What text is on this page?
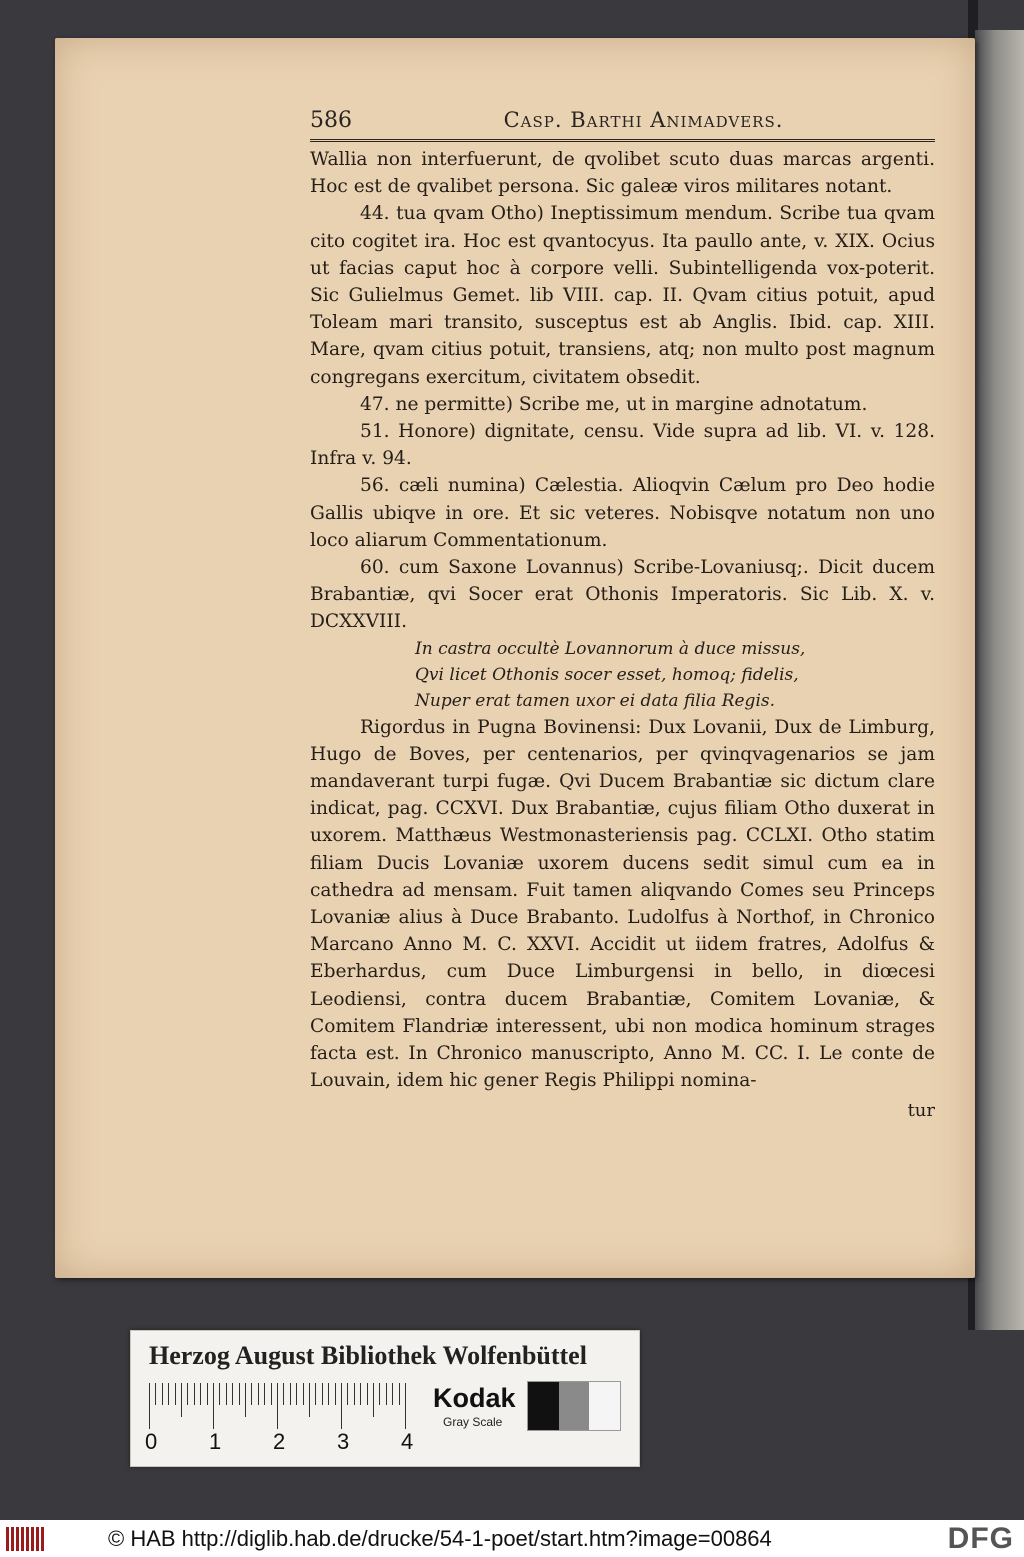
586	Casp. Barthi Animadvers.

Wallia non interfuerunt, de qvolibet scuto duas marcas argenti. Hoc est de qvalibet persona. Sic galeæ viros militares notant.

44. tua qvam Otho) Ineptissimum mendum. Scribe tua qvam cito cogitet ira. Hoc est qvantocyus. Ita paullo ante, v. XIX. Ocius ut facias caput hoc à corpore velli. Subintelligenda vox-poterit. Sic Gulielmus Gemet. lib VIII. cap. II. Qvam citius potuit, apud Toleam mari transito, susceptus est ab Anglis. Ibid. cap. XIII. Mare, qvam citius potuit, transiens, atq; non multo post magnum congregans exercitum, civitatem obsedit.

47. ne permitte) Scribe me, ut in margine adnotatum.

51. Honore) dignitate, censu. Vide supra ad lib. VI. v. 128. Infra v. 94.

56. cæli numina) Cælestia. Alioqvin Cælum pro Deo hodie Gallis ubiqve in ore. Et sic veteres. Nobisqve notatum non uno loco aliarum Commentationum.

60. cum Saxone Lovannus) Scribe-Lovaniusq;. Dicit ducem Brabantiæ, qvi Socer erat Othonis Imperatoris. Sic Lib. X. v. DCXXVIII.

In castra occultè Lovannorum à duce missus,
Qvi licet Othonis socer esset, homoq; fidelis,
Nuper erat tamen uxor ei data filia Regis.

Rigordus in Pugna Bovinensi: Dux Lovanii, Dux de Limburg, Hugo de Boves, per centenarios, per qvinqvagenarios se jam mandaverant turpi fugæ. Qvi Ducem Brabantiæ sic dictum clare indicat, pag. CCXVI. Dux Brabantiæ, cujus filiam Otho duxerat in uxorem. Matthæus Westmonasteriensis pag. CCLXI. Otho statim filiam Ducis Lovaniæ uxorem ducens sedit simul cum ea in cathedra ad mensam. Fuit tamen aliqvando Comes seu Princeps Lovaniæ alius à Duce Brabanto. Ludolfus à Northof, in Chronico Marcano Anno M. C. XXVI. Accidit ut iidem fratres, Adolfus & Eberhardus, cum Duce Limburgensi in bello, in diœcesi Leodiensi, contra ducem Brabantiæ, Comitem Lovaniæ, & Comitem Flandriæ interessent, ubi non modica hominum strages facta est. In Chronico manuscripto, Anno M. CC. I. Le conte de Louvain, idem hic gener Regis Philippi nomina-

tur
Herzog August Bibliothek Wolfenbüttel
0 1 2 3 4
Kodak
Gray Scale
© HAB http://diglib.hab.de/drucke/54-1-poet/start.htm?image=00864	DFG
